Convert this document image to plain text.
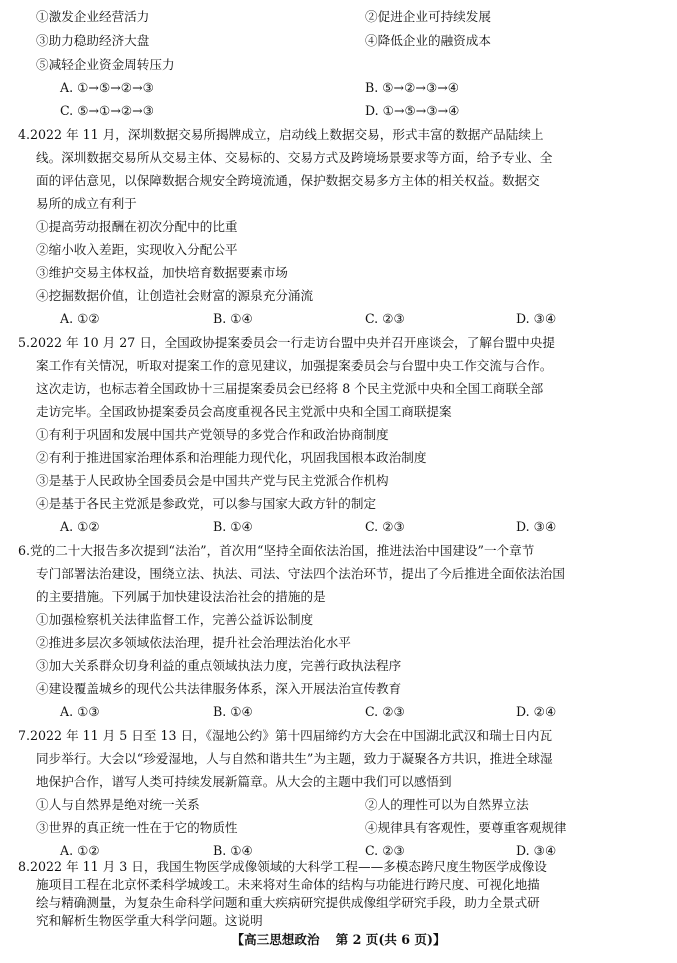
①激发企业经营活力	②促进企业可持续发展
③助力稳助经济大盘	④降低企业的融资成本
⑤减轻企业资金周转压力
A. ①→⑤→②→③	B. ⑤→②→③→④
C. ⑤→①→②→③	D. ①→⑤→③→④
4.2022 年 11 月，深圳数据交易所揭牌成立，启动线上数据交易，形式丰富的数据产品陆续上
线。深圳数据交易所从交易主体、交易标的、交易方式及跨境场景要求等方面，给予专业、全
面的评估意见，以保障数据合规安全跨境流通，保护数据交易多方主体的相关权益。数据交
易所的成立有利于
①提高劳动报酬在初次分配中的比重
②缩小收入差距，实现收入分配公平
③维护交易主体权益，加快培育数据要素市场
④挖掘数据价值，让创造社会财富的源泉充分涌流
A. ①②	B. ①④	C. ②③	D. ③④
5.2022 年 10 月 27 日，全国政协提案委员会一行走访台盟中央并召开座谈会，了解台盟中央提
案工作有关情况，听取对提案工作的意见建议，加强提案委员会与台盟中央工作交流与合作。
这次走访，也标志着全国政协十三届提案委员会已经将 8 个民主党派中央和全国工商联全部
走访完毕。全国政协提案委员会高度重视各民主党派中央和全国工商联提案
①有利于巩固和发展中国共产党领导的多党合作和政治协商制度
②有利于推进国家治理体系和治理能力现代化，巩固我国根本政治制度
③是基于人民政协全国委员会是中国共产党与民主党派合作机构
④是基于各民主党派是参政党，可以参与国家大政方针的制定
A. ①②	B. ①④	C. ②③	D. ③④
6.党的二十大报告多次提到“法治”，首次用“坚持全面依法治国，推进法治中国建设”一个章节
专门部署法治建设，围绕立法、执法、司法、守法四个法治环节，提出了今后推进全面依法治国
的主要措施。下列属于加快建设法治社会的措施的是
①加强检察机关法律监督工作，完善公益诉讼制度
②推进多层次多领域依法治理，提升社会治理法治化水平
③加大关系群众切身利益的重点领域执法力度，完善行政执法程序
④建设覆盖城乡的现代公共法律服务体系，深入开展法治宣传教育
A. ①③	B. ①④	C. ②③	D. ②④
7.2022 年 11 月 5 日至 13 日，《湿地公约》第十四届缔约方大会在中国湖北武汉和瑞士日内瓦
同步举行。大会以“珍爱湿地，人与自然和谐共生”为主题，致力于凝聚各方共识，推进全球湿
地保护合作，谱写人类可持续发展新篇章。从大会的主题中我们可以感悟到
①人与自然界是绝对统一关系	②人的理性可以为自然界立法
③世界的真正统一性在于它的物质性	④规律具有客观性，要尊重客观规律
A. ①②	B. ①④	C. ②③	D. ③④
8.2022 年 11 月 3 日，我国生物医学成像领域的大科学工程——多模态跨尺度生物医学成像设
施项目工程在北京怀柔科学城竣工。未来将对生命体的结构与功能进行跨尺度、可视化地描
【高三思想政治 第 2 页(共 6 页)】
绘与精确测量，为复杂生命科学问题和重大疾病研究提供成像组学研究手段，助力全景式研
究和解析生物医学重大科学问题。这说明
